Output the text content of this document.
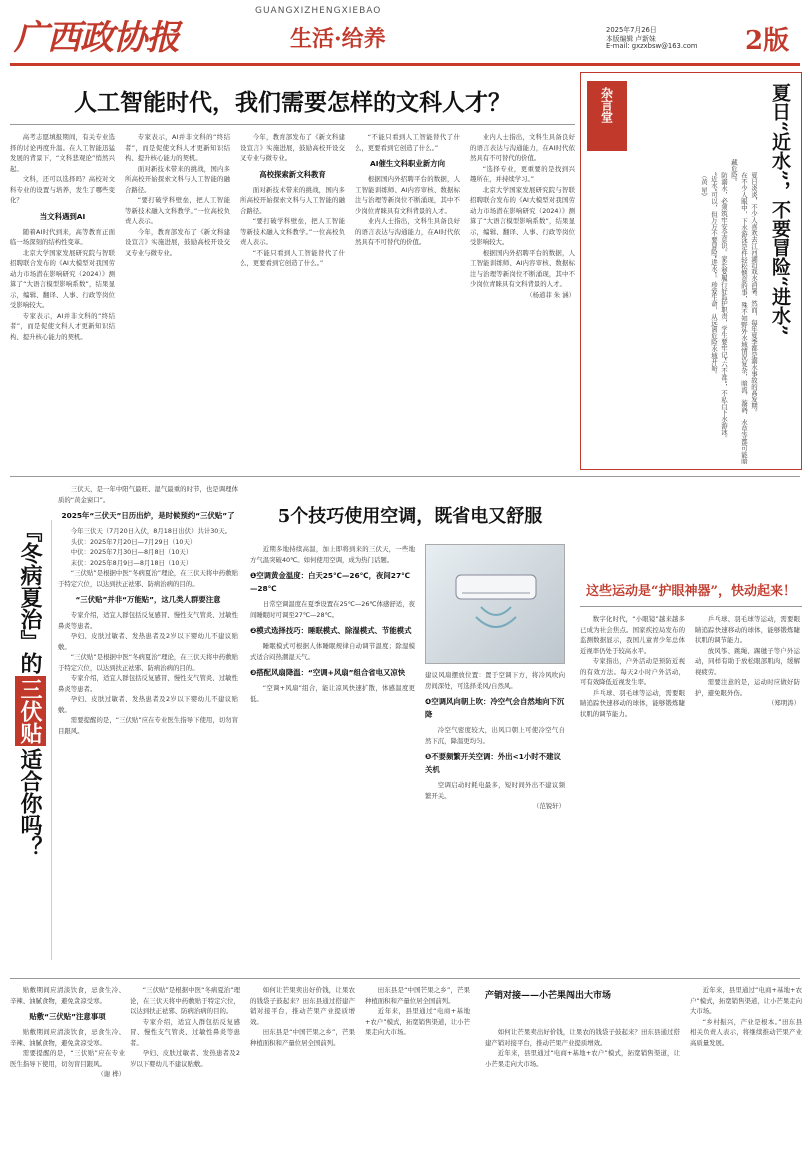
广西政协报
GUANGXIZHENGXIEBAO
生活·给养	2025年7月26日
本版编辑 卢新妹
E-mail: gxzxbsw@163.com 2版
人工智能时代，我们需要怎样的文科人才？

高考志愿填报期间，有关专业选择的讨论再度升温。在人工智能迅猛发展的背景下，“文科悲观论”悄然兴起。

文科，还可以选择吗？高校对文科专业的设置与培养，发生了哪些变化？

当文科遇到AI

随着AI时代到来，高等教育正面临一场深刻的结构性变革。

北京大学国家发展研究院与智联招聘联合发布的《AI大模型对我国劳动力市场潜在影响研究（2024）》测算了“大语言模型影响系数”，结果显示，编辑、翻译、人事、行政等岗位受影响较大。

专家表示，AI并非文科的“终结者”，而是促使文科人才更新知识结构、提升核心能力的契机。

专家表示，AI并非文科的“终结者”，而是促使文科人才更新知识结构、提升核心能力的契机。

面对新技术带来的挑战，国内多所高校开始探索文科与人工智能的融合路径。

“要打破学科壁垒，把人工智能等新技术融入文科教学。”一位高校负责人表示。

今年，教育部发布了《新文科建设宣言》实施进展，鼓励高校开设交叉专业与微专业。

今年，教育部发布了《新文科建设宣言》实施进展，鼓励高校开设交叉专业与微专业。

高校探索新文科教育

面对新技术带来的挑战，国内多所高校开始探索文科与人工智能的融合路径。

“要打破学科壁垒，把人工智能等新技术融入文科教学。”一位高校负责人表示。

“不能只看到人工智能替代了什么，更要看到它创造了什么。”

“不能只看到人工智能替代了什么，更要看到它创造了什么。”

AI催生文科职业新方向

根据国内外招聘平台的数据，人工智能训练师、AI内容审核、数据标注与治理等新岗位不断涌现，其中不少岗位青睐具有文科背景的人才。

业内人士指出，文科生具备良好的语言表达与沟通能力，在AI时代依然具有不可替代的价值。

业内人士指出，文科生具备良好的语言表达与沟通能力，在AI时代依然具有不可替代的价值。

“选择专业，更重要的是找到兴趣所在，并持续学习。”

北京大学国家发展研究院与智联招聘联合发布的《AI大模型对我国劳动力市场潜在影响研究（2024）》测算了“大语言模型影响系数”，结果显示，编辑、翻译、人事、行政等岗位受影响较大。

根据国内外招聘平台的数据，人工智能训练师、AI内容审核、数据标注与治理等新岗位不断涌现，其中不少岗位青睐具有文科背景的人才。

（杨道菲 朱 涵）
杂言堂	夏日“近水”，不要冒险“进水”

夏日炎炎，不少人喜欢去江河湖泊戏水消暑。然而，每年夏季都是溺水事故的高发期。

在不少人眼中，下水游泳是件轻松惬意的事，殊不知野外水域情况复杂，暗流、漩涡、水草等都可能暗藏危险。

防溺水，必须筑牢安全意识。家长要履行好监护职责，学生要牢记“六不准”，不私自下水游泳。

“近水”可以，但万万不要冒险“进水”。珍爱生命，从远离危险水域开始。

（黄 星）

『冬病夏治』的
三伏贴
适合你吗？

三伏天，是一年中阳气最旺、湿气最重的时节，也是调理体质的“黄金窗口”。

2025年“三伏天”日历出炉，是时候预约“三伏贴”了

今年三伏天（7月20日入伏，8月18日出伏）共计30天。

头伏：2025年7月20日—7月29日（10天）

中伏：2025年7月30日—8月8日（10天）

末伏：2025年8月9日—8月18日（10天）

“三伏贴”是根据中医“冬病夏治”理论，在三伏天将中药敷贴于特定穴位，以达到扶正祛邪、防病治病的目的。

“三伏贴”并非“万能贴”，这几类人群要注意

专家介绍，适宜人群包括反复感冒、慢性支气管炎、过敏性鼻炎等患者。

孕妇、皮肤过敏者、发热患者及2岁以下婴幼儿不建议贴敷。

“三伏贴”是根据中医“冬病夏治”理论，在三伏天将中药敷贴于特定穴位，以达到扶正祛邪、防病治病的目的。

专家介绍，适宜人群包括反复感冒、慢性支气管炎、过敏性鼻炎等患者。

孕妇、皮肤过敏者、发热患者及2岁以下婴幼儿不建议贴敷。

需要提醒的是，“三伏贴”应在专业医生指导下使用，切勿盲目跟风。

5个技巧使用空调，既省电又舒服

近期多地持续高温，加上即将到来的三伏天，一些地方气温突破40℃。如何使用空调，成为热门话题。

❶空调黄金温度：白天25℃—26℃，夜间27℃—28℃

日常空调温度在夏季设置在25℃—26℃体感舒适，夜间睡眠时可调至27℃—28℃。

❷模式选择技巧：睡眠模式、除湿模式、节能模式

睡眠模式可根据人体睡眠规律自动调节温度；除湿模式适合闷热潮湿天气。

❸搭配风扇降温：“空调+风扇”组合省电又凉快

“空调+风扇”组合，能让凉风快速扩散，体感温度更低。

建议风扇摆放位置：置于空调下方，将冷风吹向房间深处，可选择柔风/自然风。

❹空调风向朝上吹：冷空气会自然地向下沉降

冷空气密度较大，出风口朝上可使冷空气自然下沉，降温更均匀。

❺不要频繁开关空调：外出<1小时不建议关机

空调启动时耗电最多，短时间外出不建议频繁开关。

（范锐轩）
这些运动是“护眼神器”，快动起来！

数字化时代，“小眼镜”越来越多已成为社会焦点。国家疾控局发布的监测数据显示，我国儿童青少年总体近视率仍处于较高水平。

专家指出，户外活动是预防近视的有效方法。每天2小时户外活动，可有效降低近视发生率。

乒乓球、羽毛球等运动，需要眼睛追踪快速移动的球体，能够锻炼睫状肌的调节能力。

乒乓球、羽毛球等运动，需要眼睛追踪快速移动的球体，能够锻炼睫状肌的调节能力。

放风筝、跳绳、踢毽子等户外运动，同样有助于放松眼部肌肉，缓解视疲劳。

需要注意的是，运动时应做好防护，避免眼外伤。

（郑明涛）

贴敷期间应清淡饮食，忌食生冷、辛辣、油腻食物，避免贪凉受寒。

贴敷“三伏贴”注意事项

贴敷期间应清淡饮食，忌食生冷、辛辣、油腻食物，避免贪凉受寒。

需要提醒的是，“三伏贴”应在专业医生指导下使用，切勿盲目跟风。

（谢 桦）

“三伏贴”是根据中医“冬病夏治”理论，在三伏天将中药敷贴于特定穴位，以达到扶正祛邪、防病治病的目的。

专家介绍，适宜人群包括反复感冒、慢性支气管炎、过敏性鼻炎等患者。

孕妇、皮肤过敏者、发热患者及2岁以下婴幼儿不建议贴敷。

如何让芒果卖出好价钱，让果农的钱袋子鼓起来？田东县通过搭建产销对接平台，推动芒果产业提质增效。

田东县是“中国芒果之乡”，芒果种植面积和产量位居全国前列。

田东县是“中国芒果之乡”，芒果种植面积和产量位居全国前列。

近年来，县里通过“电商+基地+农户”模式，拓宽销售渠道，让小芒果走向大市场。

产销对接——小芒果闯出大市场

如何让芒果卖出好价钱，让果农的钱袋子鼓起来？田东县通过搭建产销对接平台，推动芒果产业提质增效。

近年来，县里通过“电商+基地+农户”模式，拓宽销售渠道，让小芒果走向大市场。

近年来，县里通过“电商+基地+农户”模式，拓宽销售渠道，让小芒果走向大市场。

“乡村振兴，产业是根本。”田东县相关负责人表示，将继续推动芒果产业高质量发展。
